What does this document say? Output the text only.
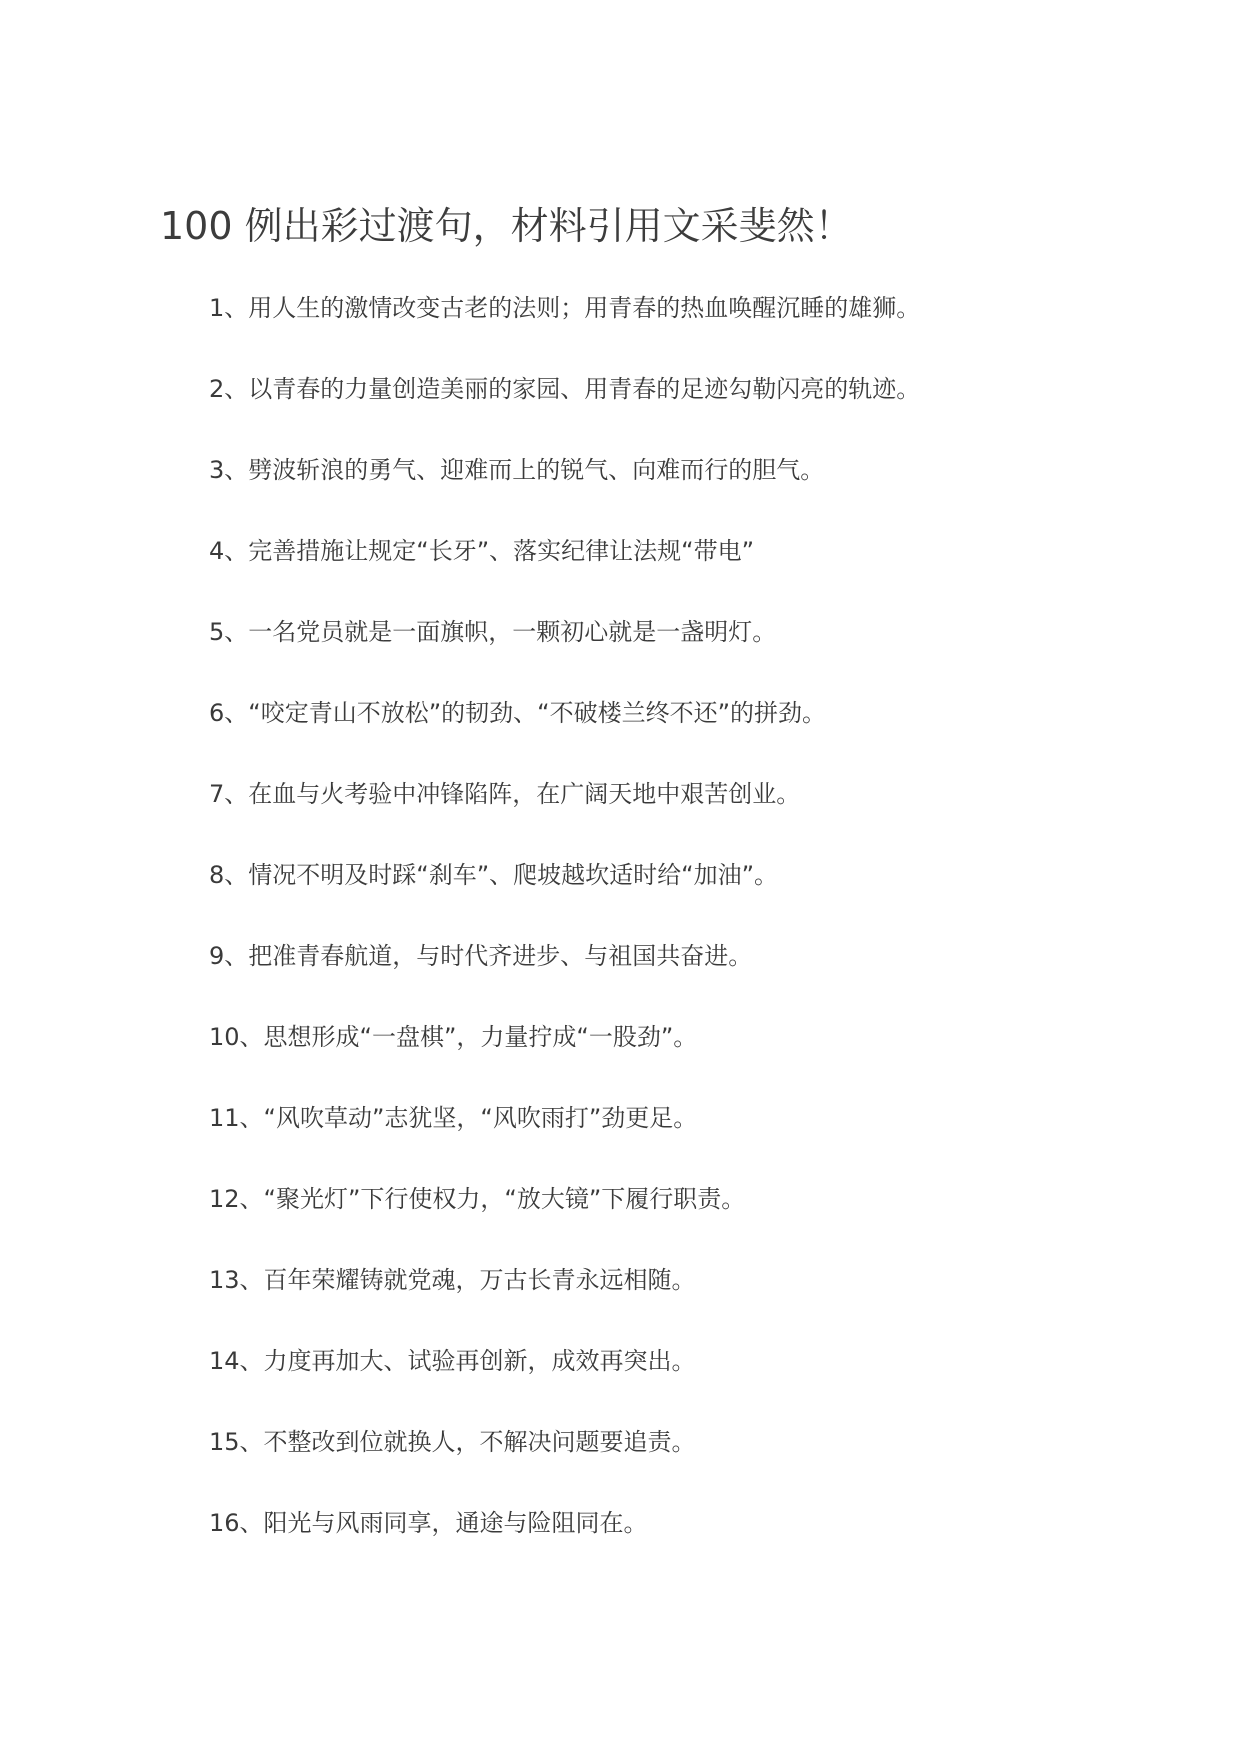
100 例出彩过渡句，材料引用文采斐然！
1、用人生的激情改变古老的法则；用青春的热血唤醒沉睡的雄狮。
2、以青春的力量创造美丽的家园、用青春的足迹勾勒闪亮的轨迹。
3、劈波斩浪的勇气、迎难而上的锐气、向难而行的胆气。
4、完善措施让规定“长牙”、落实纪律让法规“带电”
5、一名党员就是一面旗帜，一颗初心就是一盏明灯。
6、“咬定青山不放松”的韧劲、“不破楼兰终不还”的拼劲。
7、在血与火考验中冲锋陷阵，在广阔天地中艰苦创业。
8、情况不明及时踩“刹车”、爬坡越坎适时给“加油”。
9、把准青春航道，与时代齐进步、与祖国共奋进。
10、思想形成“一盘棋”，力量拧成“一股劲”。
11、“风吹草动”志犹坚，“风吹雨打”劲更足。
12、“聚光灯”下行使权力，“放大镜”下履行职责。
13、百年荣耀铸就党魂，万古长青永远相随。
14、力度再加大、试验再创新，成效再突出。
15、不整改到位就换人，不解决问题要追责。
16、阳光与风雨同享，通途与险阻同在。
